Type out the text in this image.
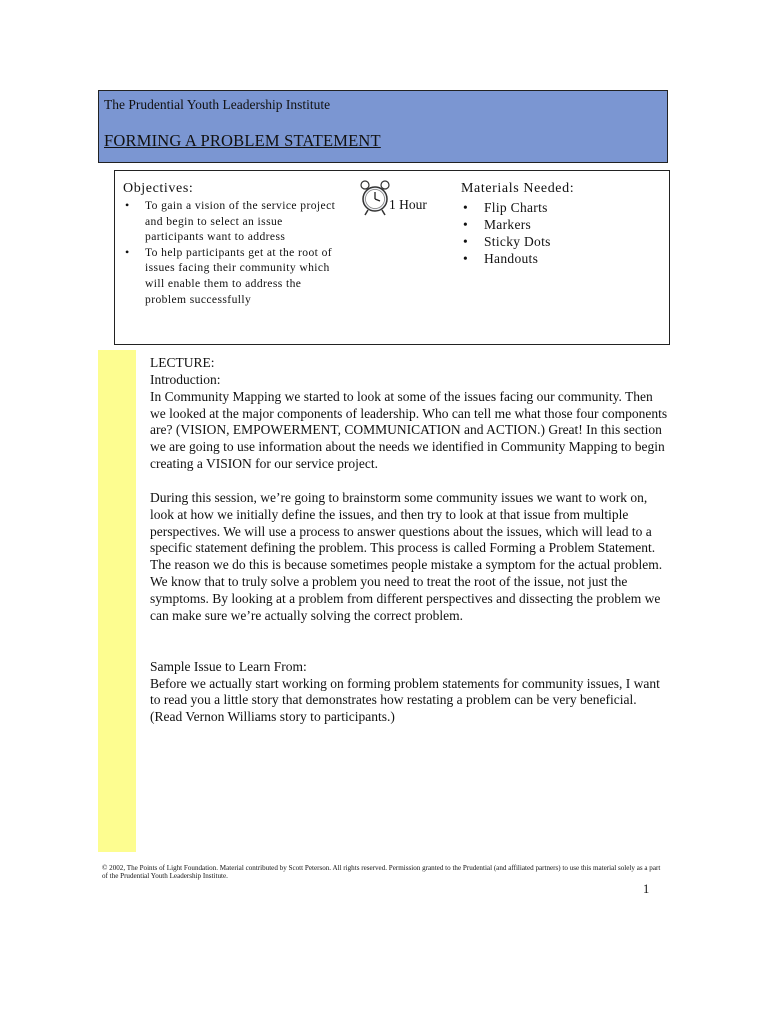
The Prudential Youth Leadership Institute
FORMING A PROBLEM STATEMENT
Objectives:
• To gain a vision of the service project and begin to select an issue participants want to address
• To help participants get at the root of issues facing their community which will enable them to address the problem successfully
1 Hour
Materials Needed:
• Flip Charts
• Markers
• Sticky Dots
• Handouts

LECTURE:

Introduction:

In Community Mapping we started to look at some of the issues facing our community. Then we looked at the major components of leadership. Who can tell me what those four components are? (VISION, EMPOWERMENT, COMMUNICATION and ACTION.) Great! In this section we are going to use information about the needs we identified in Community Mapping to begin creating a VISION for our service project.

During this session, we’re going to brainstorm some community issues we want to work on, look at how we initially define the issues, and then try to look at that issue from multiple perspectives. We will use a process to answer questions about the issues, which will lead to a specific statement defining the problem. This process is called Forming a Problem Statement. The reason we do this is because sometimes people mistake a symptom for the actual problem. We know that to truly solve a problem you need to treat the root of the issue, not just the symptoms. By looking at a problem from different perspectives and dissecting the problem we can make sure we’re actually solving the correct problem.

Sample Issue to Learn From:

Before we actually start working on forming problem statements for community issues, I want to read you a little story that demonstrates how restating a problem can be very beneficial. (Read Vernon Williams story to participants.)

© 2002, The Points of Light Foundation. Material contributed by Scott Peterson. All rights reserved. Permission granted to the Prudential (and affiliated partners) to use this material solely as a part of the Prudential Youth Leadership Institute.
1
